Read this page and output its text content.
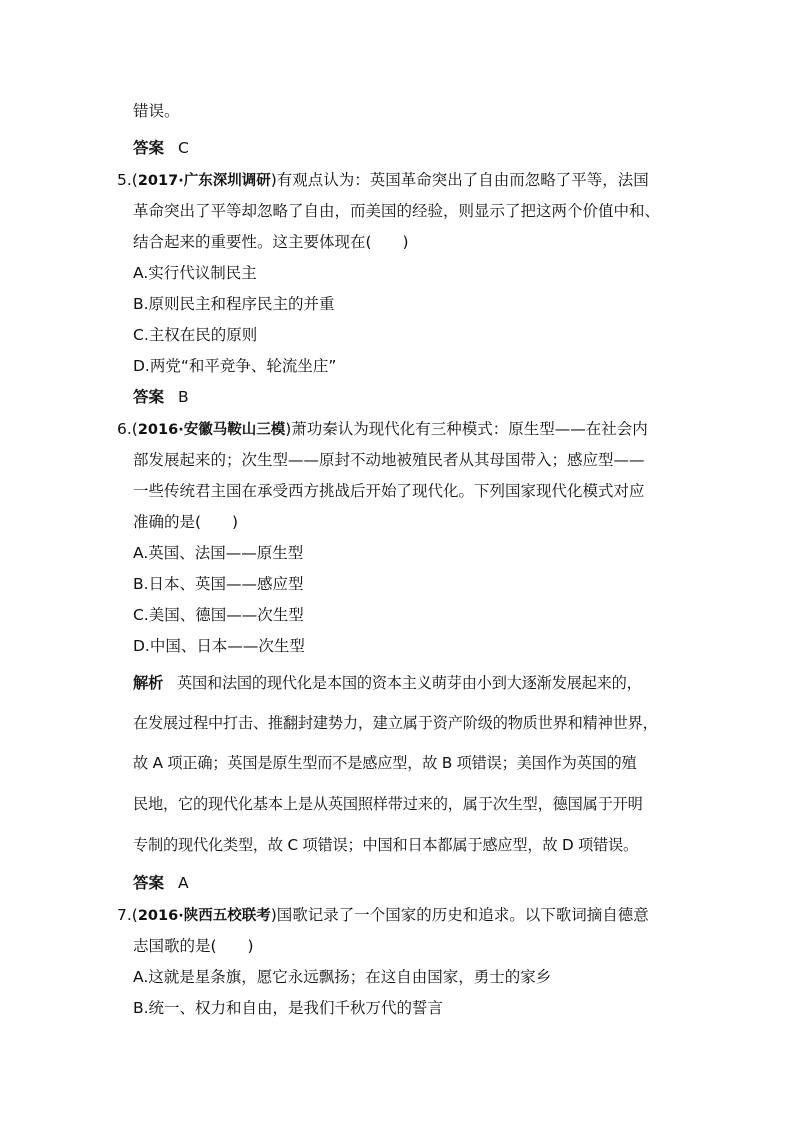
错误。
答案 C
5.(2017·广东深圳调研)有观点认为：英国革命突出了自由而忽略了平等，法国
革命突出了平等却忽略了自由，而美国的经验，则显示了把这两个价值中和、
结合起来的重要性。这主要体现在(　　)
A.实行代议制民主
B.原则民主和程序民主的并重
C.主权在民的原则
D.两党“和平竞争、轮流坐庄”
答案 B
6.(2016·安徽马鞍山三模)萧功秦认为现代化有三种模式：原生型——在社会内
部发展起来的；次生型——原封不动地被殖民者从其母国带入；感应型——
一些传统君主国在承受西方挑战后开始了现代化。下列国家现代化模式对应
准确的是(　　)
A.英国、法国——原生型
B.日本、英国——感应型
C.美国、德国——次生型
D.中国、日本——次生型
解析 英国和法国的现代化是本国的资本主义萌芽由小到大逐渐发展起来的，
在发展过程中打击、推翻封建势力，建立属于资产阶级的物质世界和精神世界，
故 A 项正确；英国是原生型而不是感应型，故 B 项错误；美国作为英国的殖
民地，它的现代化基本上是从英国照样带过来的，属于次生型，德国属于开明
专制的现代化类型，故 C 项错误；中国和日本都属于感应型，故 D 项错误。
答案 A
7.(2016·陕西五校联考)国歌记录了一个国家的历史和追求。以下歌词摘自德意
志国歌的是(　　)
A.这就是星条旗，愿它永远飘扬；在这自由国家，勇士的家乡
B.统一、权力和自由，是我们千秋万代的誓言
